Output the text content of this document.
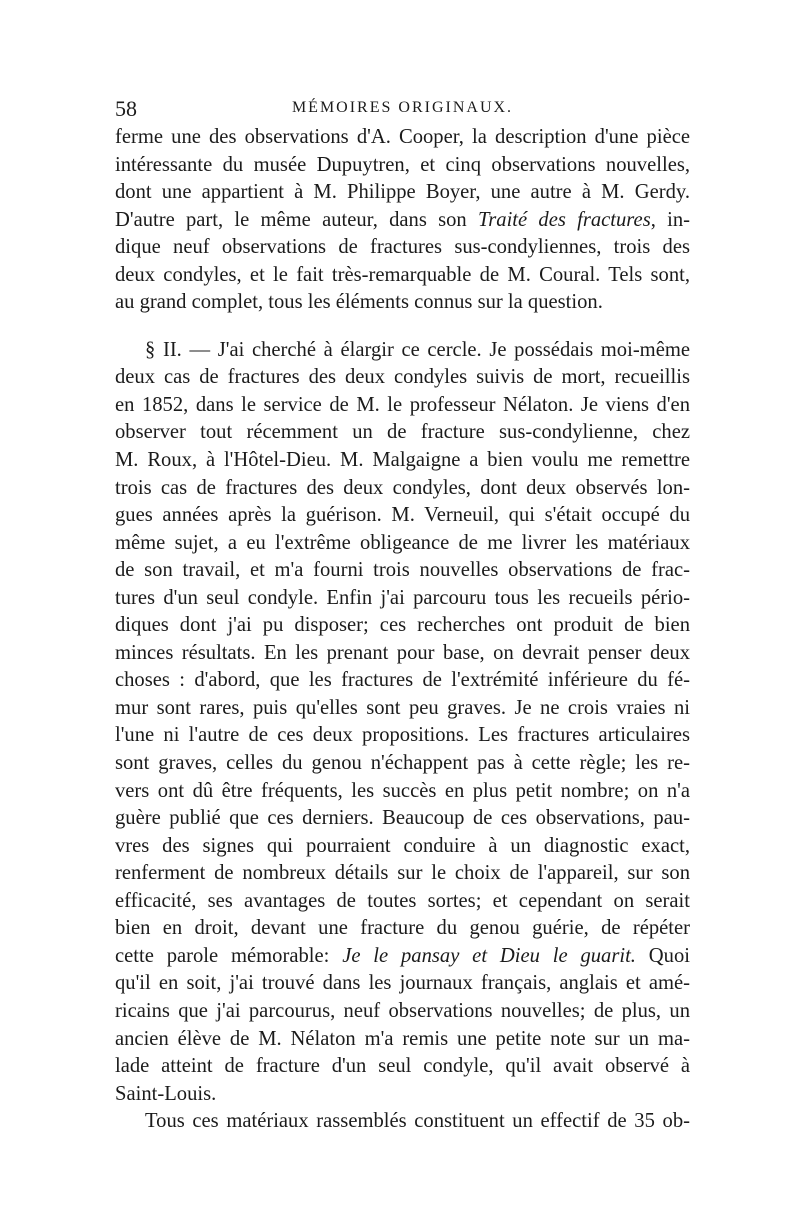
58	MÉMOIRES ORIGINAUX.
ferme une des observations d'A. Cooper, la description d'une pièce
intéressante du musée Dupuytren, et cinq observations nouvelles,
dont une appartient à M. Philippe Boyer, une autre à M. Gerdy.
D'autre part, le même auteur, dans son Traité des fractures, in-
dique neuf observations de fractures sus-condyliennes, trois des
deux condyles, et le fait très-remarquable de M. Coural. Tels sont,
au grand complet, tous les éléments connus sur la question.
§ II. — J'ai cherché à élargir ce cercle. Je possédais moi-même
deux cas de fractures des deux condyles suivis de mort, recueillis
en 1852, dans le service de M. le professeur Nélaton. Je viens d'en
observer tout récemment un de fracture sus-condylienne, chez
M. Roux, à l'Hôtel-Dieu. M. Malgaigne a bien voulu me remettre
trois cas de fractures des deux condyles, dont deux observés lon-
gues années après la guérison. M. Verneuil, qui s'était occupé du
même sujet, a eu l'extrême obligeance de me livrer les matériaux
de son travail, et m'a fourni trois nouvelles observations de frac-
tures d'un seul condyle. Enfin j'ai parcouru tous les recueils pério-
diques dont j'ai pu disposer; ces recherches ont produit de bien
minces résultats. En les prenant pour base, on devrait penser deux
choses : d'abord, que les fractures de l'extrémité inférieure du fé-
mur sont rares, puis qu'elles sont peu graves. Je ne crois vraies ni
l'une ni l'autre de ces deux propositions. Les fractures articulaires
sont graves, celles du genou n'échappent pas à cette règle; les re-
vers ont dû être fréquents, les succès en plus petit nombre; on n'a
guère publié que ces derniers. Beaucoup de ces observations, pau-
vres des signes qui pourraient conduire à un diagnostic exact,
renferment de nombreux détails sur le choix de l'appareil, sur son
efficacité, ses avantages de toutes sortes; et cependant on serait
bien en droit, devant une fracture du genou guérie, de répéter
cette parole mémorable: Je le pansay et Dieu le guarit. Quoi
qu'il en soit, j'ai trouvé dans les journaux français, anglais et amé-
ricains que j'ai parcourus, neuf observations nouvelles; de plus, un
ancien élève de M. Nélaton m'a remis une petite note sur un ma-
lade atteint de fracture d'un seul condyle, qu'il avait observé à
Saint-Louis.
Tous ces matériaux rassemblés constituent un effectif de 35 ob-
